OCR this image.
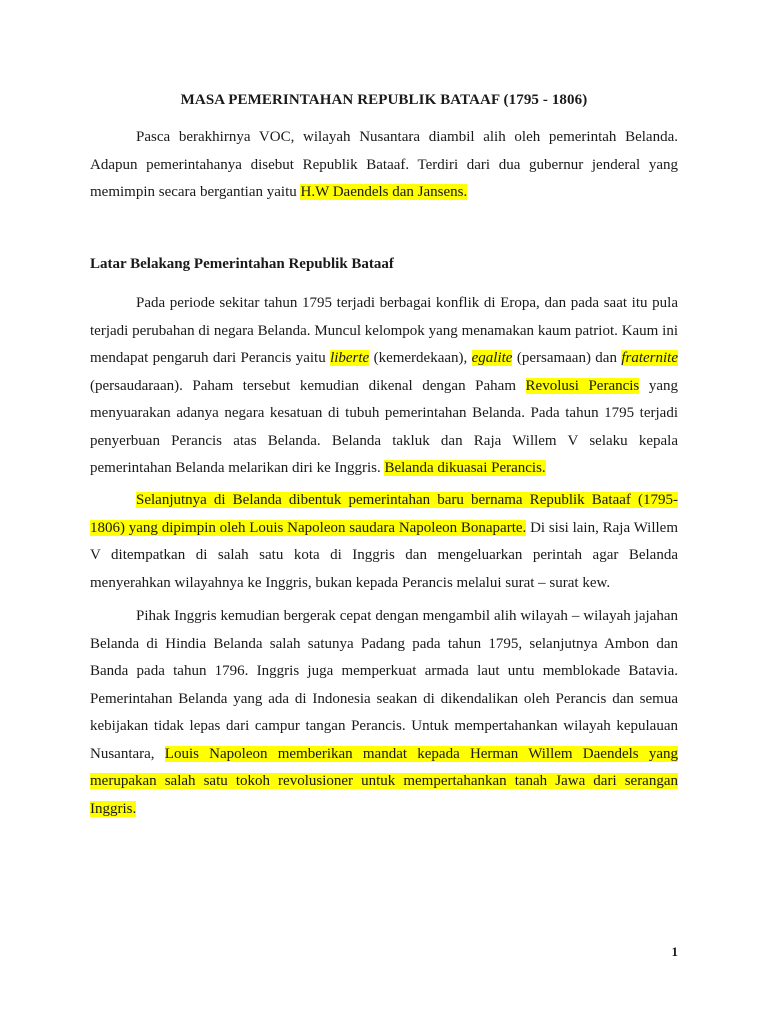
MASA PEMERINTAHAN REPUBLIK BATAAF (1795 - 1806)

Pasca berakhirnya VOC, wilayah Nusantara diambil alih oleh pemerintah Belanda. Adapun pemerintahanya disebut Republik Bataaf. Terdiri dari dua gubernur jenderal yang memimpin secara bergantian yaitu H.W Daendels dan Jansens.

Latar Belakang Pemerintahan Republik Bataaf

Pada periode sekitar tahun 1795 terjadi berbagai konflik di Eropa, dan pada saat itu pula terjadi perubahan di negara Belanda. Muncul kelompok yang menamakan kaum patriot. Kaum ini mendapat pengaruh dari Perancis yaitu liberte (kemerdekaan), egalite (persamaan) dan fraternite (persaudaraan). Paham tersebut kemudian dikenal dengan Paham Revolusi Perancis yang menyuarakan adanya negara kesatuan di tubuh pemerintahan Belanda. Pada tahun 1795 terjadi penyerbuan Perancis atas Belanda. Belanda takluk dan Raja Willem V selaku kepala pemerintahan Belanda melarikan diri ke Inggris. Belanda dikuasai Perancis.

Selanjutnya di Belanda dibentuk pemerintahan baru bernama Republik Bataaf (1795-1806) yang dipimpin oleh Louis Napoleon saudara Napoleon Bonaparte. Di sisi lain, Raja Willem V ditempatkan di salah satu kota di Inggris dan mengeluarkan perintah agar Belanda menyerahkan wilayahnya ke Inggris, bukan kepada Perancis melalui surat – surat kew.

Pihak Inggris kemudian bergerak cepat dengan mengambil alih wilayah – wilayah jajahan Belanda di Hindia Belanda salah satunya Padang pada tahun 1795, selanjutnya Ambon dan Banda pada tahun 1796. Inggris juga memperkuat armada laut untu memblokade Batavia. Pemerintahan Belanda yang ada di Indonesia seakan di dikendalikan oleh Perancis dan semua kebijakan tidak lepas dari campur tangan Perancis. Untuk mempertahankan wilayah kepulauan Nusantara, Louis Napoleon memberikan mandat kepada Herman Willem Daendels yang merupakan salah satu tokoh revolusioner untuk mempertahankan tanah Jawa dari serangan Inggris.

1
